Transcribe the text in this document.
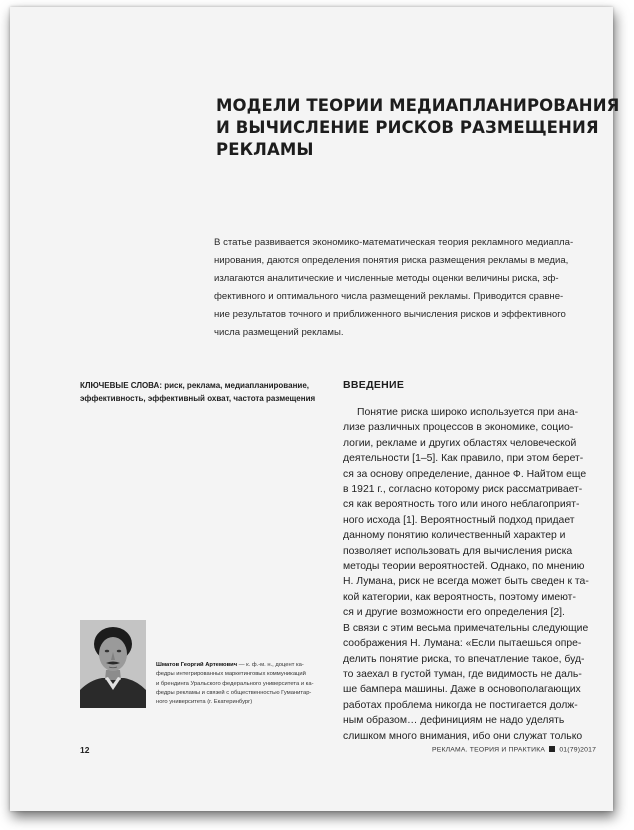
МОДЕЛИ ТЕОРИИ МЕДИАПЛАНИРОВАНИЯ
И ВЫЧИСЛЕНИЕ РИСКОВ РАЗМЕЩЕНИЯ
РЕКЛАМЫ
В статье развивается экономико-математическая теория рекламного медиапла-
нирования, даются определения понятия риска размещения рекламы в медиа,
излагаются аналитические и численные методы оценки величины риска, эф-
фективного и оптимального числа размещений рекламы. Приводится сравне-
ние результатов точного и приближенного вычисления рисков и эффективного
числа размещений рекламы.
КЛЮЧЕВЫЕ СЛОВА: риск, реклама, медиапланирование,
эффективность, эффективный охват, частота размещения
ВВЕДЕНИЕ
Понятие риска широко используется при ана-
лизе различных процессов в экономике, социо-
логии, рекламе и других областях человеческой
деятельности [1–5]. Как правило, при этом берет-
ся за основу определение, данное Ф. Найтом еще
в 1921 г., согласно которому риск рассматривает-
ся как вероятность того или иного неблагоприят-
ного исхода [1]. Вероятностный подход придает
данному понятию количественный характер и
позволяет использовать для вычисления риска
методы теории вероятностей. Однако, по мнению
Н. Лумана, риск не всегда может быть сведен к та-
кой категории, как вероятность, поэтому имеют-
ся и другие возможности его определения [2].
В связи с этим весьма примечательны следующие
соображения Н. Лумана: «Если пытаешься опре-
делить понятие риска, то впечатление такое, буд-
то заехал в густой туман, где видимость не даль-
ше бампера машины. Даже в основополагающих
работах проблема никогда не постигается долж-
ным образом… дефинициям не надо уделять
слишком много внимания, ибо они служат только
Шматов Георгий Артемович — к. ф.-м. н., доцент ка-
федры интегрированных маркетинговых коммуникаций
и брендинга Уральского федерального университета и ка-
федры рекламы и связей с общественностью Гуманитар-
ного университета (г. Екатеринбург)
12	РЕКЛАМА. ТЕОРИЯ И ПРАКТИКА 01(79)2017
